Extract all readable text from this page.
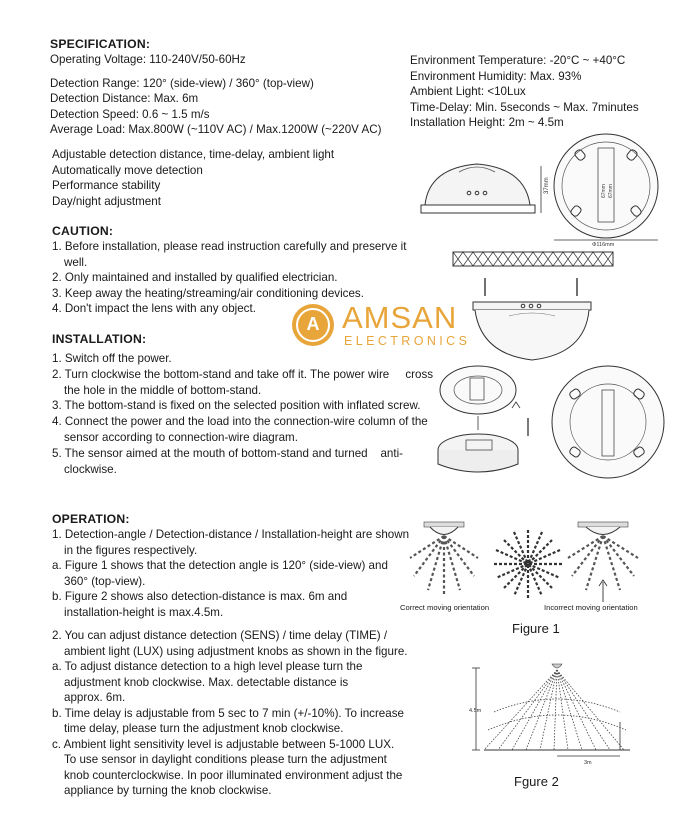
SPECIFICATION:
Operating Voltage: 110-240V/50-60Hz
Detection Range: 120° (side-view) / 360° (top-view)
Detection Distance: Max. 6m
Detection Speed: 0.6 ~ 1.5 m/s
Average Load: Max.800W (~110V AC) / Max.1200W (~220V AC)
Environment Temperature: -20°C ~ +40°C
Environment Humidity: Max. 93%
Ambient Light: <10Lux
Time-Delay: Min. 5seconds ~ Max. 7minutes
Installation Height: 2m ~ 4.5m
Adjustable detection distance, time-delay, ambient light
Automatically move detection
Performance stability
Day/night adjustment
CAUTION:
1. Before installation, please read instruction carefully and preserve it
well.
2. Only maintained and installed by qualified electrician.
3. Keep away the heating/streaming/air conditioning devices.
4. Don't impact the lens with any object.
INSTALLATION:
1. Switch off the power.
2. Turn clockwise the bottom-stand and take off it. The power wire     cross
the hole in the middle of bottom-stand.
3. The bottom-stand is fixed on the selected position with inflated screw.
4. Connect the power and the load into the connection-wire column of the
sensor according to connection-wire diagram.
5. The sensor aimed at the mouth of bottom-stand and turned    anti-
clockwise.
OPERATION:
1. Detection-angle / Detection-distance / Installation-height are shown
in the figures respectively.
a. Figure 1 shows that the detection angle is 120° (side-view) and
360° (top-view).
b. Figure 2 shows also detection-distance is max. 6m and
installation-height is max.4.5m.
2. You can adjust distance detection (SENS) / time delay (TIME) /
ambient light (LUX) using adjustment knobs as shown in the figure.
a. To adjust distance detection to a high level please turn the
adjustment knob clockwise. Max. detectable distance is
approx. 6m.
b. Time delay is adjustable from 5 sec to 7 min (+/-10%). To increase
time delay, please turn the adjustment knob clockwise.
c. Ambient light sensitivity level is adjustable between 5-1000 LUX.
To use sensor in daylight conditions please turn the adjustment
knob counterclockwise. In poor illuminated environment adjust the
appliance by turning the knob clockwise.
37mm	67mm 67mm
Φ116mm
Correct moving orientation	Incorrect moving orientation
Figure 1
4.5m
3m
Fgure 2
A AMSAN
ELECTRONICS
